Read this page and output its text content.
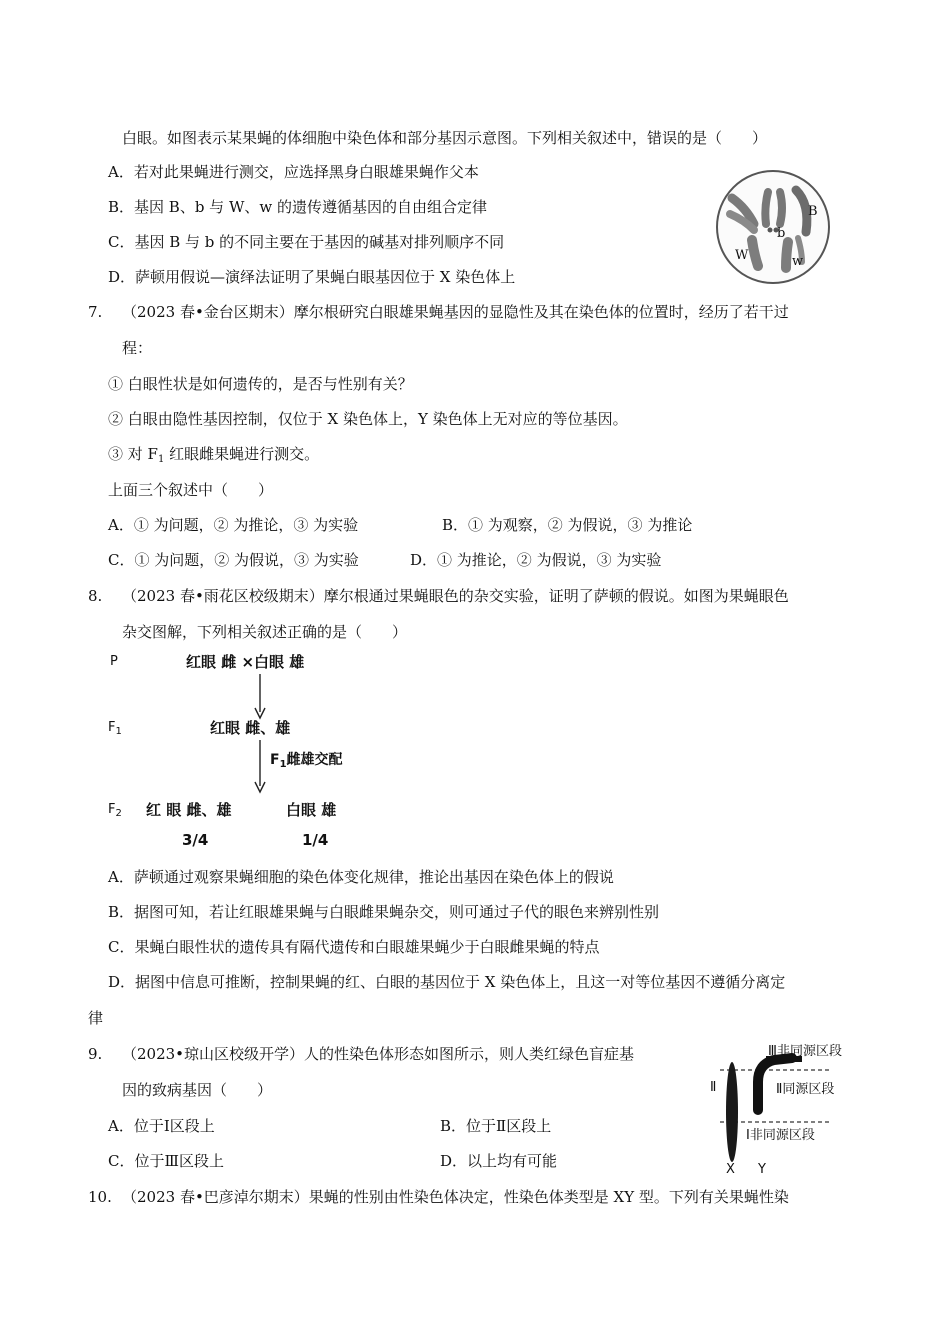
白眼。如图表示某果蝇的体细胞中染色体和部分基因示意图。下列相关叙述中，错误的是（　　）
A．若对此果蝇进行测交，应选择黑身白眼雄果蝇作父本
B．基因 B、b 与 W、w 的遗传遵循基因的自由组合定律
C．基因 B 与 b 的不同主要在于基因的碱基对排列顺序不同
D．萨顿用假说—演绎法证明了果蝇白眼基因位于 X 染色体上
B
b
W	w
7. （2023 春•金台区期末）摩尔根研究白眼雄果蝇基因的显隐性及其在染色体的位置时，经历了若干过
程：
① 白眼性状是如何遗传的，是否与性别有关？
② 白眼由隐性基因控制，仅位于 X 染色体上，Y 染色体上无对应的等位基因。
③ 对 $F_1$ 红眼雌果蝇进行测交。
上面三个叙述中（　　）
A．① 为问题，② 为推论，③ 为实验	B．① 为观察，② 为假说，③ 为推论
C．① 为问题，② 为假说，③ 为实验	D．① 为推论，② 为假说，③ 为实验
8. （2023 春•雨花区校级期末）摩尔根通过果蝇眼色的杂交实验，证明了萨顿的假说。如图为果蝇眼色
杂交图解，下列相关叙述正确的是（　　）
P	红眼 雌 ×白眼 雄
$F_1$	红眼 雌、雄
$F_1$雌雄交配
$F_2$ 红 眼 雌、雄	白眼 雄
3/4	1/4
A．萨顿通过观察果蝇细胞的染色体变化规律，推论出基因在染色体上的假说
B．据图可知，若让红眼雄果蝇与白眼雌果蝇杂交，则可通过子代的眼色来辨别性别
C．果蝇白眼性状的遗传具有隔代遗传和白眼雄果蝇少于白眼雌果蝇的特点
D．据图中信息可推断，控制果蝇的红、白眼的基因位于 X 染色体上，且这一对等位基因不遵循分离定
律
9. （2023•琼山区校级开学）人的性染色体形态如图所示，则人类红绿色盲症基
因的致病基因（　　）
A．位于Ⅰ区段上	B．位于Ⅱ区段上
C．位于Ⅲ区段上	D．以上均有可能
Ⅲ非同源区段
Ⅱ同源区段
Ⅱ
Ⅰ非同源区段
X Y
10. （2023 春•巴彦淖尔期末）果蝇的性别由性染色体决定，性染色体类型是 XY 型。下列有关果蝇性染
